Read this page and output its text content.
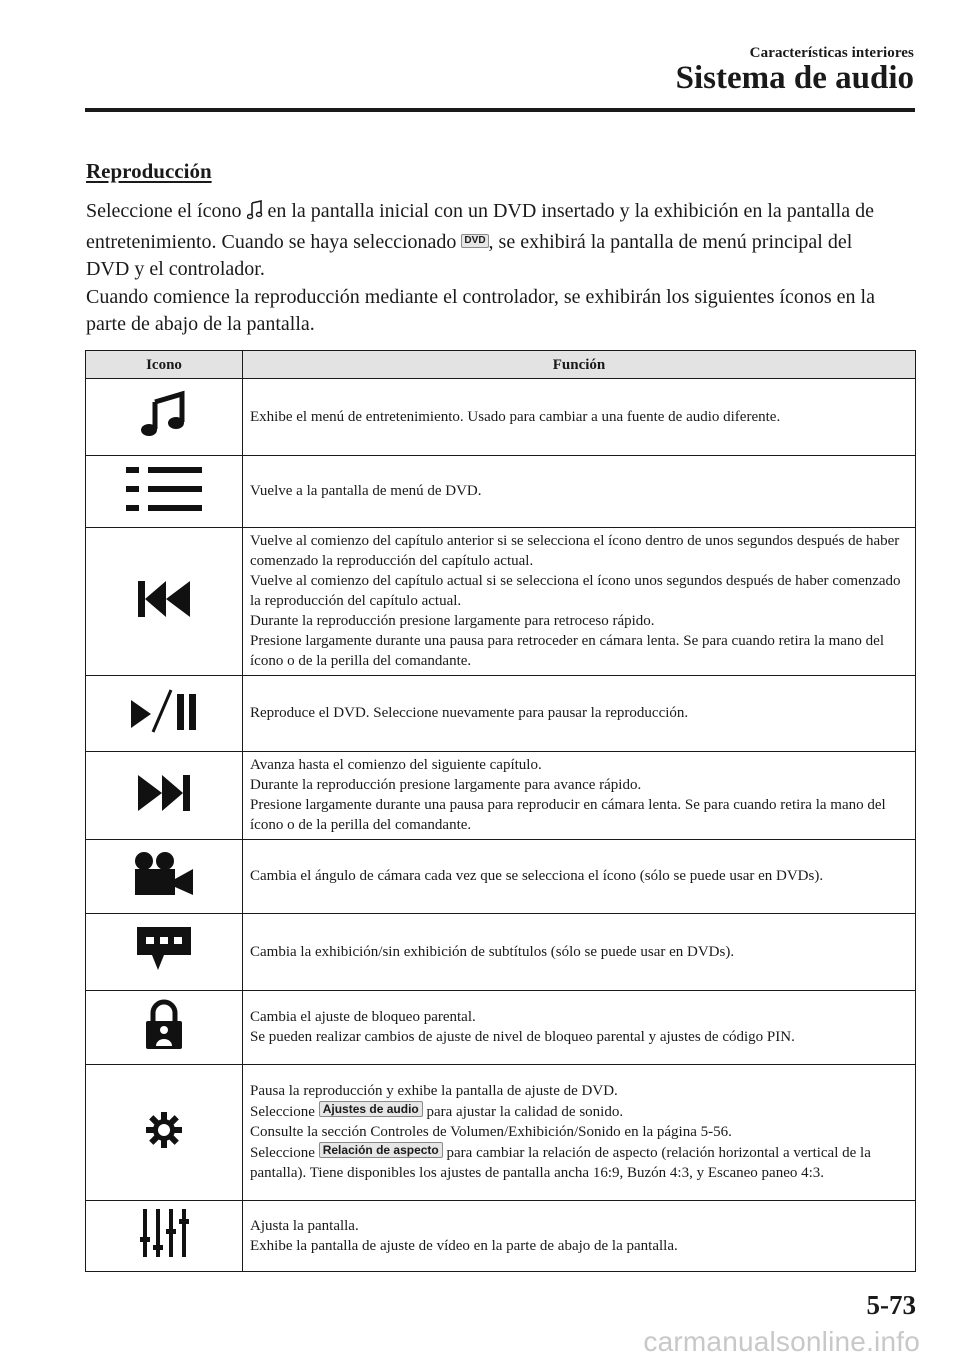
Características interiores
Sistema de audio
Reproducción

Seleccione el ícono  en la pantalla inicial con un DVD insertado y la exhibición en la pantalla de entretenimiento. Cuando se haya seleccionado DVD , se exhibirá la pantalla de menú principal del DVD y el controlador.

Cuando comience la reproducción mediante el controlador, se exhibirán los siguientes íconos en la parte de abajo de la pantalla.

Icono	Función

Exhibe el menú de entretenimiento. Usado para cambiar a una fuente de audio diferente.

Vuelve a la pantalla de menú de DVD.

Vuelve al comienzo del capítulo anterior si se selecciona el ícono dentro de unos segundos después de haber comenzado la reproducción del capítulo actual.
Vuelve al comienzo del capítulo actual si se selecciona el ícono unos segundos después de haber comenzado la reproducción del capítulo actual.
Durante la reproducción presione largamente para retroceso rápido.
Presione largamente durante una pausa para retroceder en cámara lenta. Se para cuando retira la mano del ícono o de la perilla del comandante.

Reproduce el DVD. Seleccione nuevamente para pausar la reproducción.

Avanza hasta el comienzo del siguiente capítulo.
Durante la reproducción presione largamente para avance rápido.
Presione largamente durante una pausa para reproducir en cámara lenta. Se para cuando retira la mano del ícono o de la perilla del comandante.

Cambia el ángulo de cámara cada vez que se selecciona el ícono (sólo se puede usar en DVDs).

Cambia la exhibición/sin exhibición de subtítulos (sólo se puede usar en DVDs).

Cambia el ajuste de bloqueo parental.
Se pueden realizar cambios de ajuste de nivel de bloqueo parental y ajustes de código PIN.

Pausa la reproducción y exhibe la pantalla de ajuste de DVD.
Seleccione Ajustes de audio para ajustar la calidad de sonido.
Consulte la sección Controles de Volumen/Exhibición/Sonido en la página 5-56.
Seleccione Relación de aspecto para cambiar la relación de aspecto (relación horizontal a vertical de la pantalla). Tiene disponibles los ajustes de pantalla ancha 16:9, Buzón 4:3, y Escaneo paneo 4:3.

Ajusta la pantalla.
Exhibe la pantalla de ajuste de vídeo en la parte de abajo de la pantalla.
5-73
carmanualsonline.info
